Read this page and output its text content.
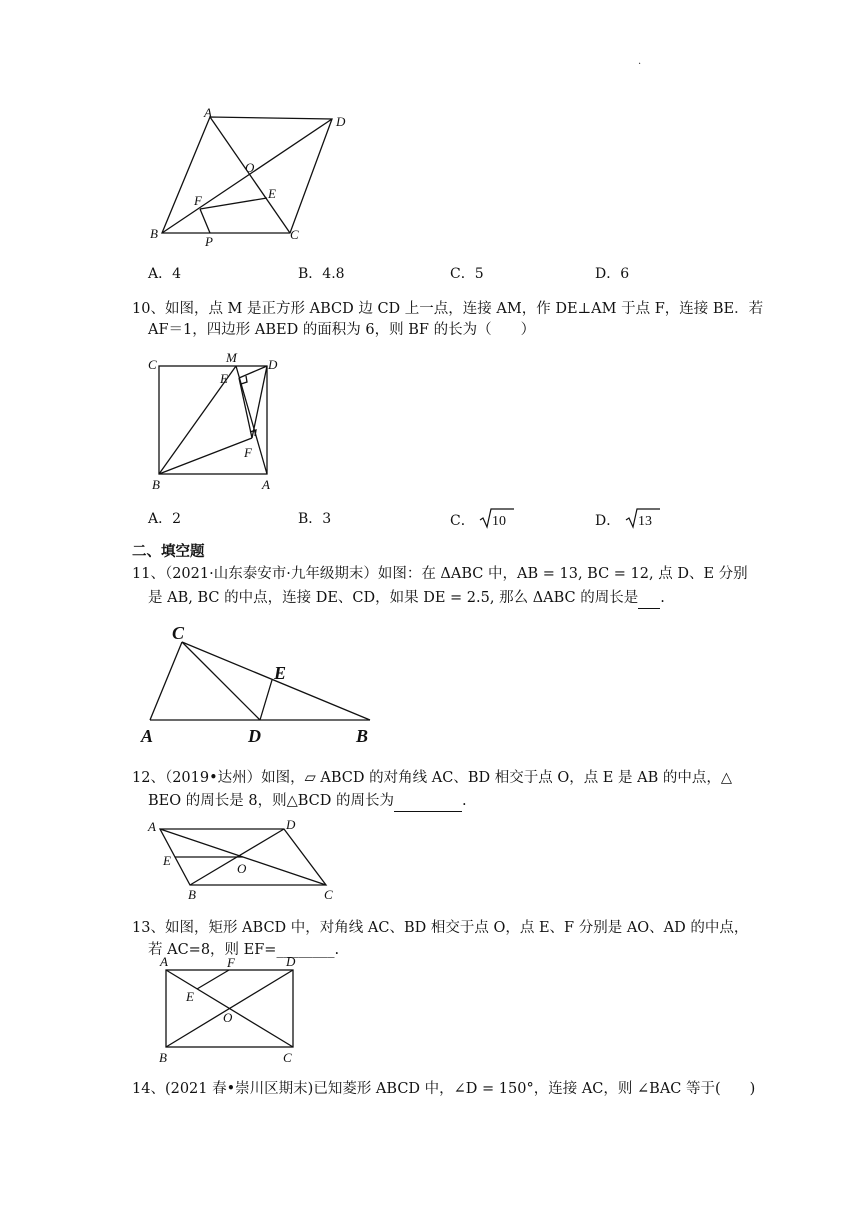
.
A
D
O
F	E
B
P	C
A．4	B．4.8	C．5	D．6
10、如图，点 M 是正方形 ABCD 边 CD 上一点，连接 AM，作 DE⊥AM 于点 F，连接 BE．若
AF＝1，四边形 ABED 的面积为 6，则 BF 的长为（　　）
C	M D
E
F
B	A
A．2	B．3	C． 10	D． 13
二、填空题
11、（2021·山东泰安市·九年级期末）如图：在 ΔABC 中，AB = 13, BC = 12, 点 D、E 分别
是 AB, BC 的中点，连接 DE、CD，如果 DE = 2.5, 那么 ΔABC 的周长是 .
C
E
A	D	B
12、（2019•达州）如图，▱ ABCD 的对角线 AC、BD 相交于点 O，点 E 是 AB 的中点，△
BEO 的周长是 8，则△BCD 的周长为	.
A	D
E
O
B	C
13、如图，矩形 ABCD 中，对角线 AC、BD 相交于点 O，点 E、F 分别是 AO、AD 的中点，
若 AC=8，则 EF=________.
A	F	D
E
O
B	C
14、(2021 春•崇川区期末)已知菱形 ABCD 中，∠D = 150°，连接 AC，则 ∠BAC 等于(　　)
